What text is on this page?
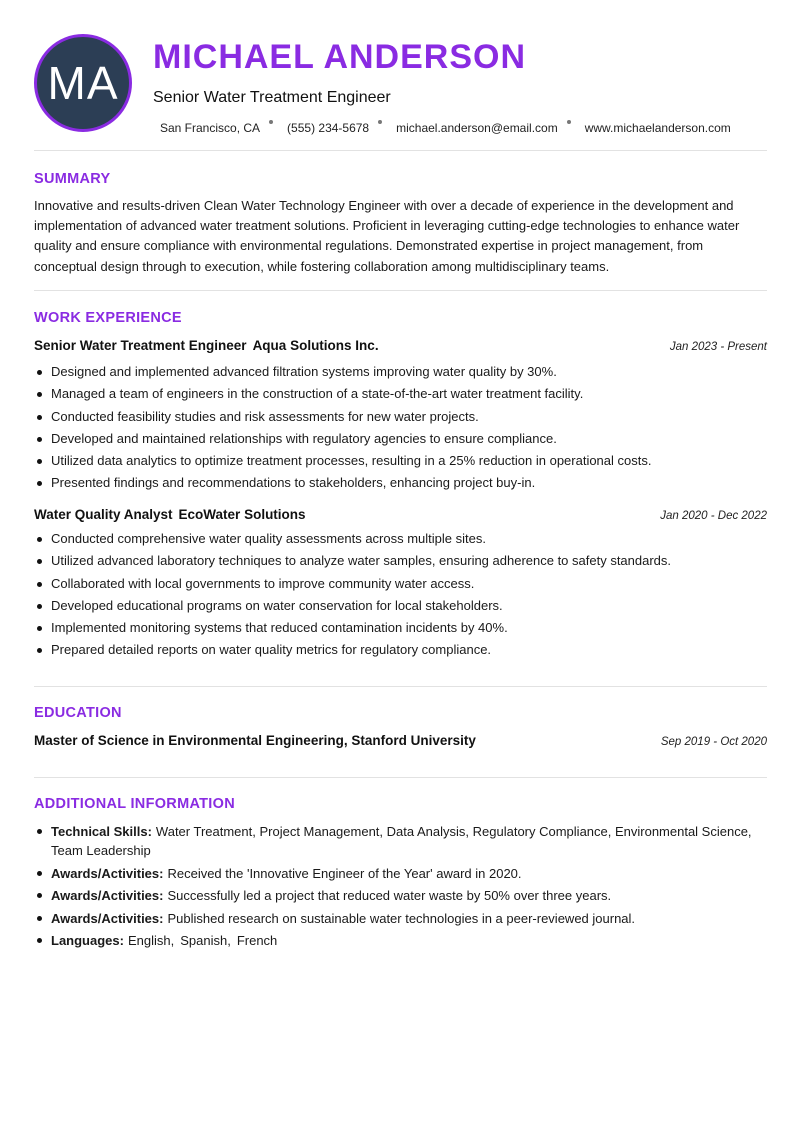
MA MICHAEL ANDERSON
Senior Water Treatment Engineer
San Francisco, CA (555) 234-5678 michael.anderson@email.com www.michaelanderson.com
SUMMARY

Innovative and results-driven Clean Water Technology Engineer with over a decade of experience in the development and implementation of advanced water treatment solutions. Proficient in leveraging cutting-edge technologies to enhance water quality and ensure compliance with environmental regulations. Demonstrated expertise in project management, from conceptual design through to execution, while fostering collaboration among multidisciplinary teams.

WORK EXPERIENCE
Senior Water Treatment Engineer Aqua Solutions Inc.	Jan 2023 - Present
Designed and implemented advanced filtration systems improving water quality by 30%.
Managed a team of engineers in the construction of a state-of-the-art water treatment facility.
Conducted feasibility studies and risk assessments for new water projects.
Developed and maintained relationships with regulatory agencies to ensure compliance.
Utilized data analytics to optimize treatment processes, resulting in a 25% reduction in operational costs.
Presented findings and recommendations to stakeholders, enhancing project buy-in.
Water Quality Analyst EcoWater Solutions	Jan 2020 - Dec 2022
Conducted comprehensive water quality assessments across multiple sites.
Utilized advanced laboratory techniques to analyze water samples, ensuring adherence to safety standards.
Collaborated with local governments to improve community water access.
Developed educational programs on water conservation for local stakeholders.
Implemented monitoring systems that reduced contamination incidents by 40%.
Prepared detailed reports on water quality metrics for regulatory compliance.
EDUCATION
Master of Science in Environmental Engineering, Stanford University	Sep 2019 - Oct 2020
ADDITIONAL INFORMATION
Technical Skills: Water Treatment, Project Management, Data Analysis, Regulatory Compliance, Environmental Science, Team Leadership
Awards/Activities: Received the 'Innovative Engineer of the Year' award in 2020.
Awards/Activities: Successfully led a project that reduced water waste by 50% over three years.
Awards/Activities: Published research on sustainable water technologies in a peer-reviewed journal.
Languages: English, Spanish, French
